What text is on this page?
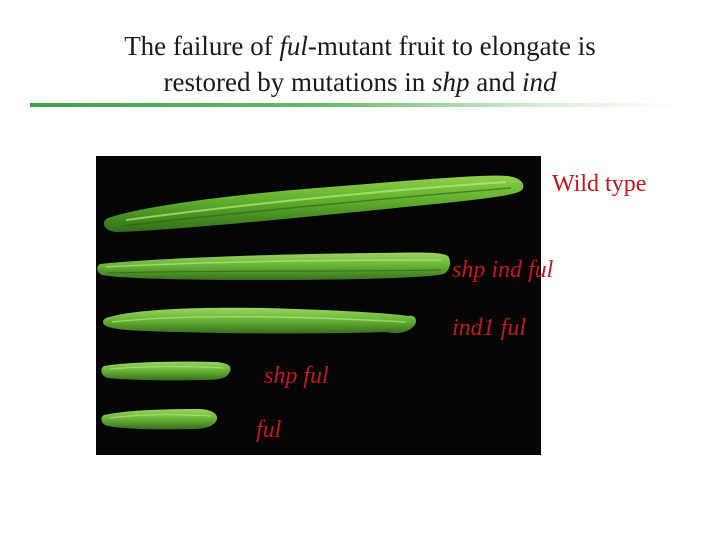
The failure of ful-mutant fruit to elongate is
restored by mutations in shp and ind
Wild type
shp ind ful
ind1 ful
shp ful
ful
